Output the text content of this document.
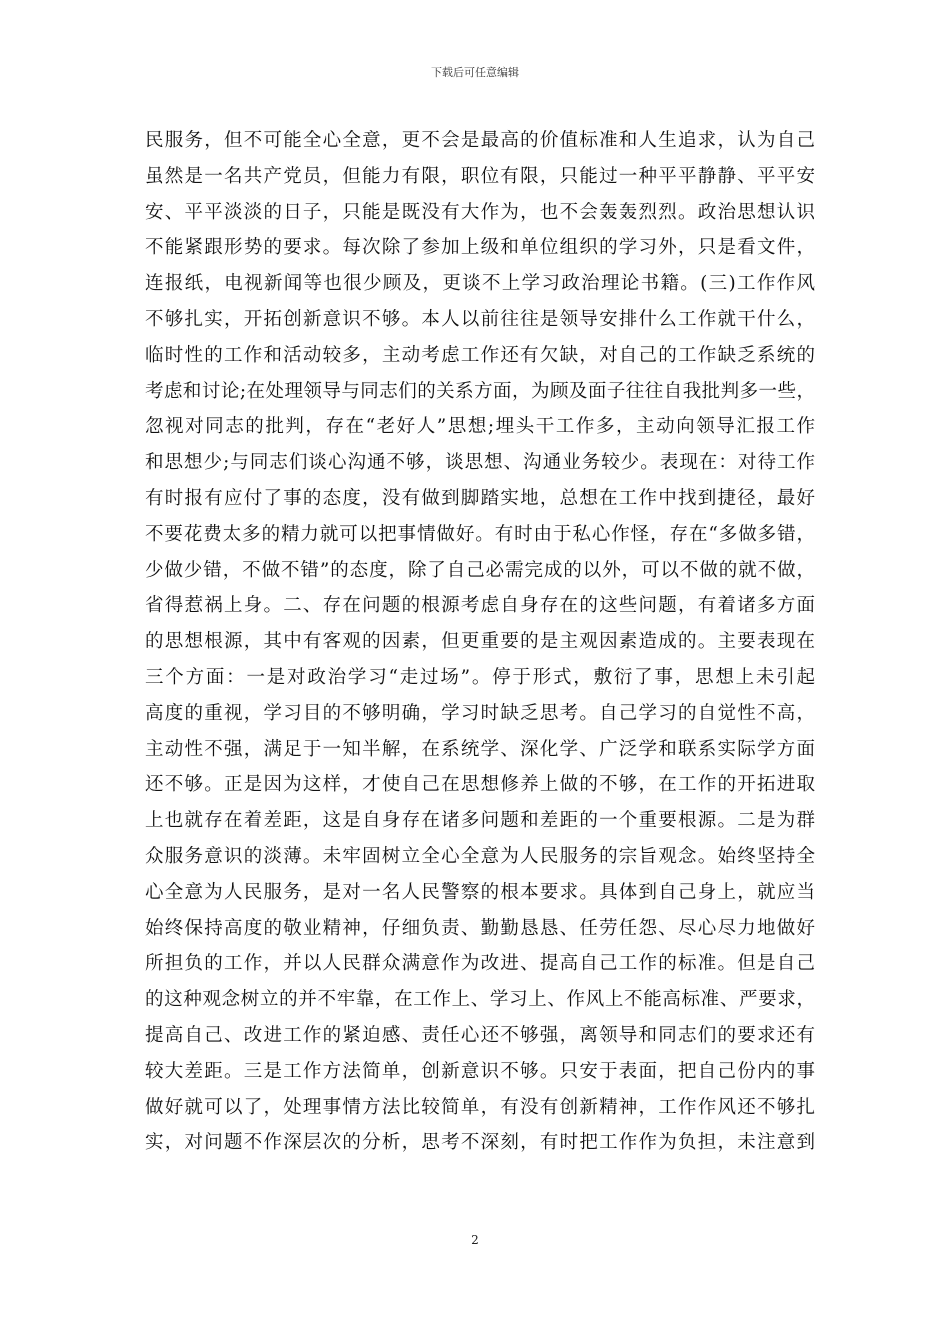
下载后可任意编辑
民服务，但不可能全心全意，更不会是最高的价值标准和人生追求，认为自己
虽然是一名共产党员，但能力有限，职位有限，只能过一种平平静静、平平安
安、平平淡淡的日子，只能是既没有大作为，也不会轰轰烈烈。政治思想认识
不能紧跟形势的要求。每次除了参加上级和单位组织的学习外，只是看文件，
连报纸，电视新闻等也很少顾及，更谈不上学习政治理论书籍。(三)工作作风
不够扎实，开拓创新意识不够。本人以前往往是领导安排什么工作就干什么，
临时性的工作和活动较多，主动考虑工作还有欠缺，对自己的工作缺乏系统的
考虑和讨论;在处理领导与同志们的关系方面，为顾及面子往往自我批判多一些，
忽视对同志的批判，存在“老好人”思想;埋头干工作多，主动向领导汇报工作
和思想少;与同志们谈心沟通不够，谈思想、沟通业务较少。表现在：对待工作
有时报有应付了事的态度，没有做到脚踏实地，总想在工作中找到捷径，最好
不要花费太多的精力就可以把事情做好。有时由于私心作怪，存在“多做多错，
少做少错，不做不错”的态度，除了自己必需完成的以外，可以不做的就不做，
省得惹祸上身。二、存在问题的根源考虑自身存在的这些问题，有着诸多方面
的思想根源，其中有客观的因素，但更重要的是主观因素造成的。主要表现在
三个方面：一是对政治学习“走过场”。停于形式，敷衍了事，思想上未引起
高度的重视，学习目的不够明确，学习时缺乏思考。自己学习的自觉性不高，
主动性不强，满足于一知半解，在系统学、深化学、广泛学和联系实际学方面
还不够。正是因为这样，才使自己在思想修养上做的不够，在工作的开拓进取
上也就存在着差距，这是自身存在诸多问题和差距的一个重要根源。二是为群
众服务意识的淡薄。未牢固树立全心全意为人民服务的宗旨观念。始终坚持全
心全意为人民服务，是对一名人民警察的根本要求。具体到自己身上，就应当
始终保持高度的敬业精神，仔细负责、勤勤恳恳、任劳任怨、尽心尽力地做好
所担负的工作，并以人民群众满意作为改进、提高自己工作的标准。但是自己
的这种观念树立的并不牢靠，在工作上、学习上、作风上不能高标准、严要求，
提高自己、改进工作的紧迫感、责任心还不够强，离领导和同志们的要求还有
较大差距。三是工作方法简单，创新意识不够。只安于表面，把自己份内的事
做好就可以了，处理事情方法比较简单，有没有创新精神，工作作风还不够扎
实，对问题不作深层次的分析，思考不深刻，有时把工作作为负担，未注意到
2
